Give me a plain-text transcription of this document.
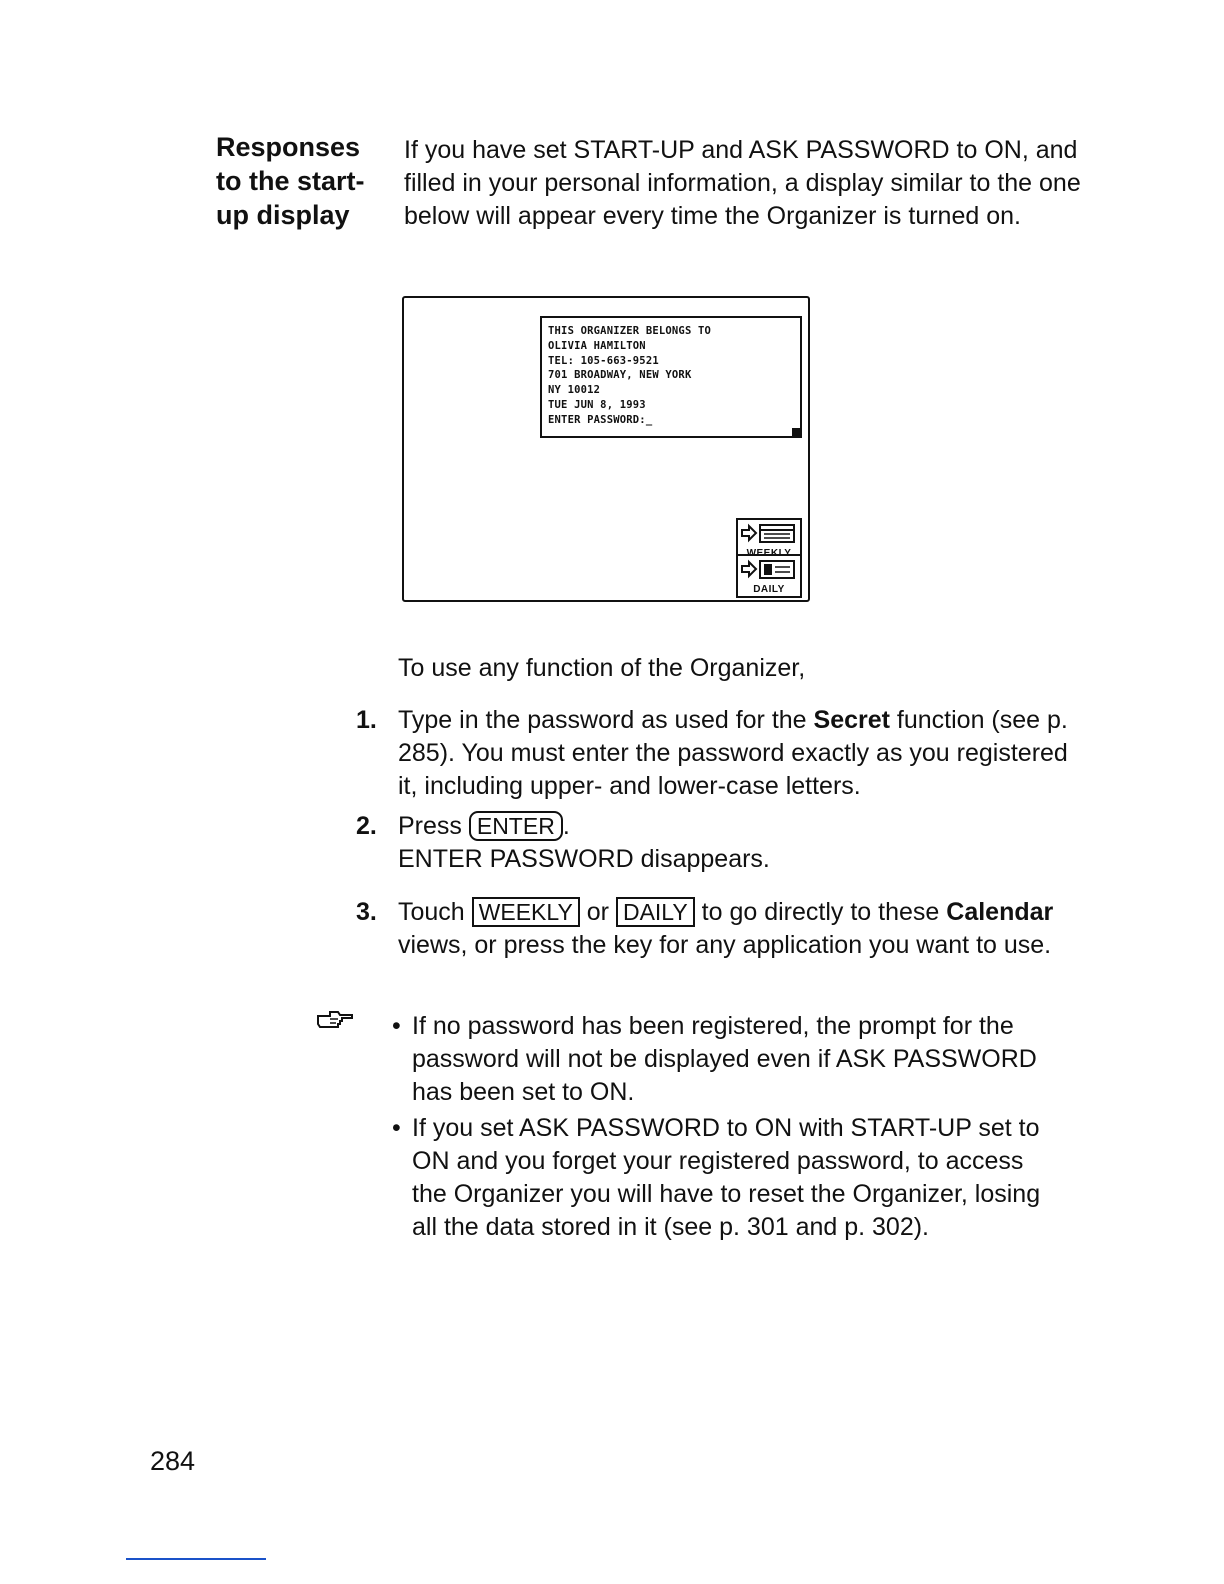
Responses
to the start-
up display
If you have set START-UP and ASK PASSWORD to ON, and filled in your personal information, a display similar to the one below will appear every time the Organizer is turned on.
THIS ORGANIZER BELONGS TO
OLIVIA HAMILTON
TEL: 105-663-9521
701 BROADWAY, NEW YORK
NY 10012
TUE JUN 8, 1993
ENTER PASSWORD:_
DAILY
To use any function of the Organizer,
1. Type in the password as used for the Secret function (see p. 285). You must enter the password exactly as you registered it, including upper- and lower-case letters.
2. Press ENTER .
ENTER PASSWORD disappears.
3. Touch WEEKLY or DAILY to go directly to these Calendar views, or press the key for any application you want to use.
• If no password has been registered, the prompt for the password will not be displayed even if ASK PASSWORD has been set to ON.
• If you set ASK PASSWORD to ON with START-UP set to ON and you forget your registered password, to access the Organizer you will have to reset the Organizer, losing all the data stored in it (see p. 301 and p. 302).
284
